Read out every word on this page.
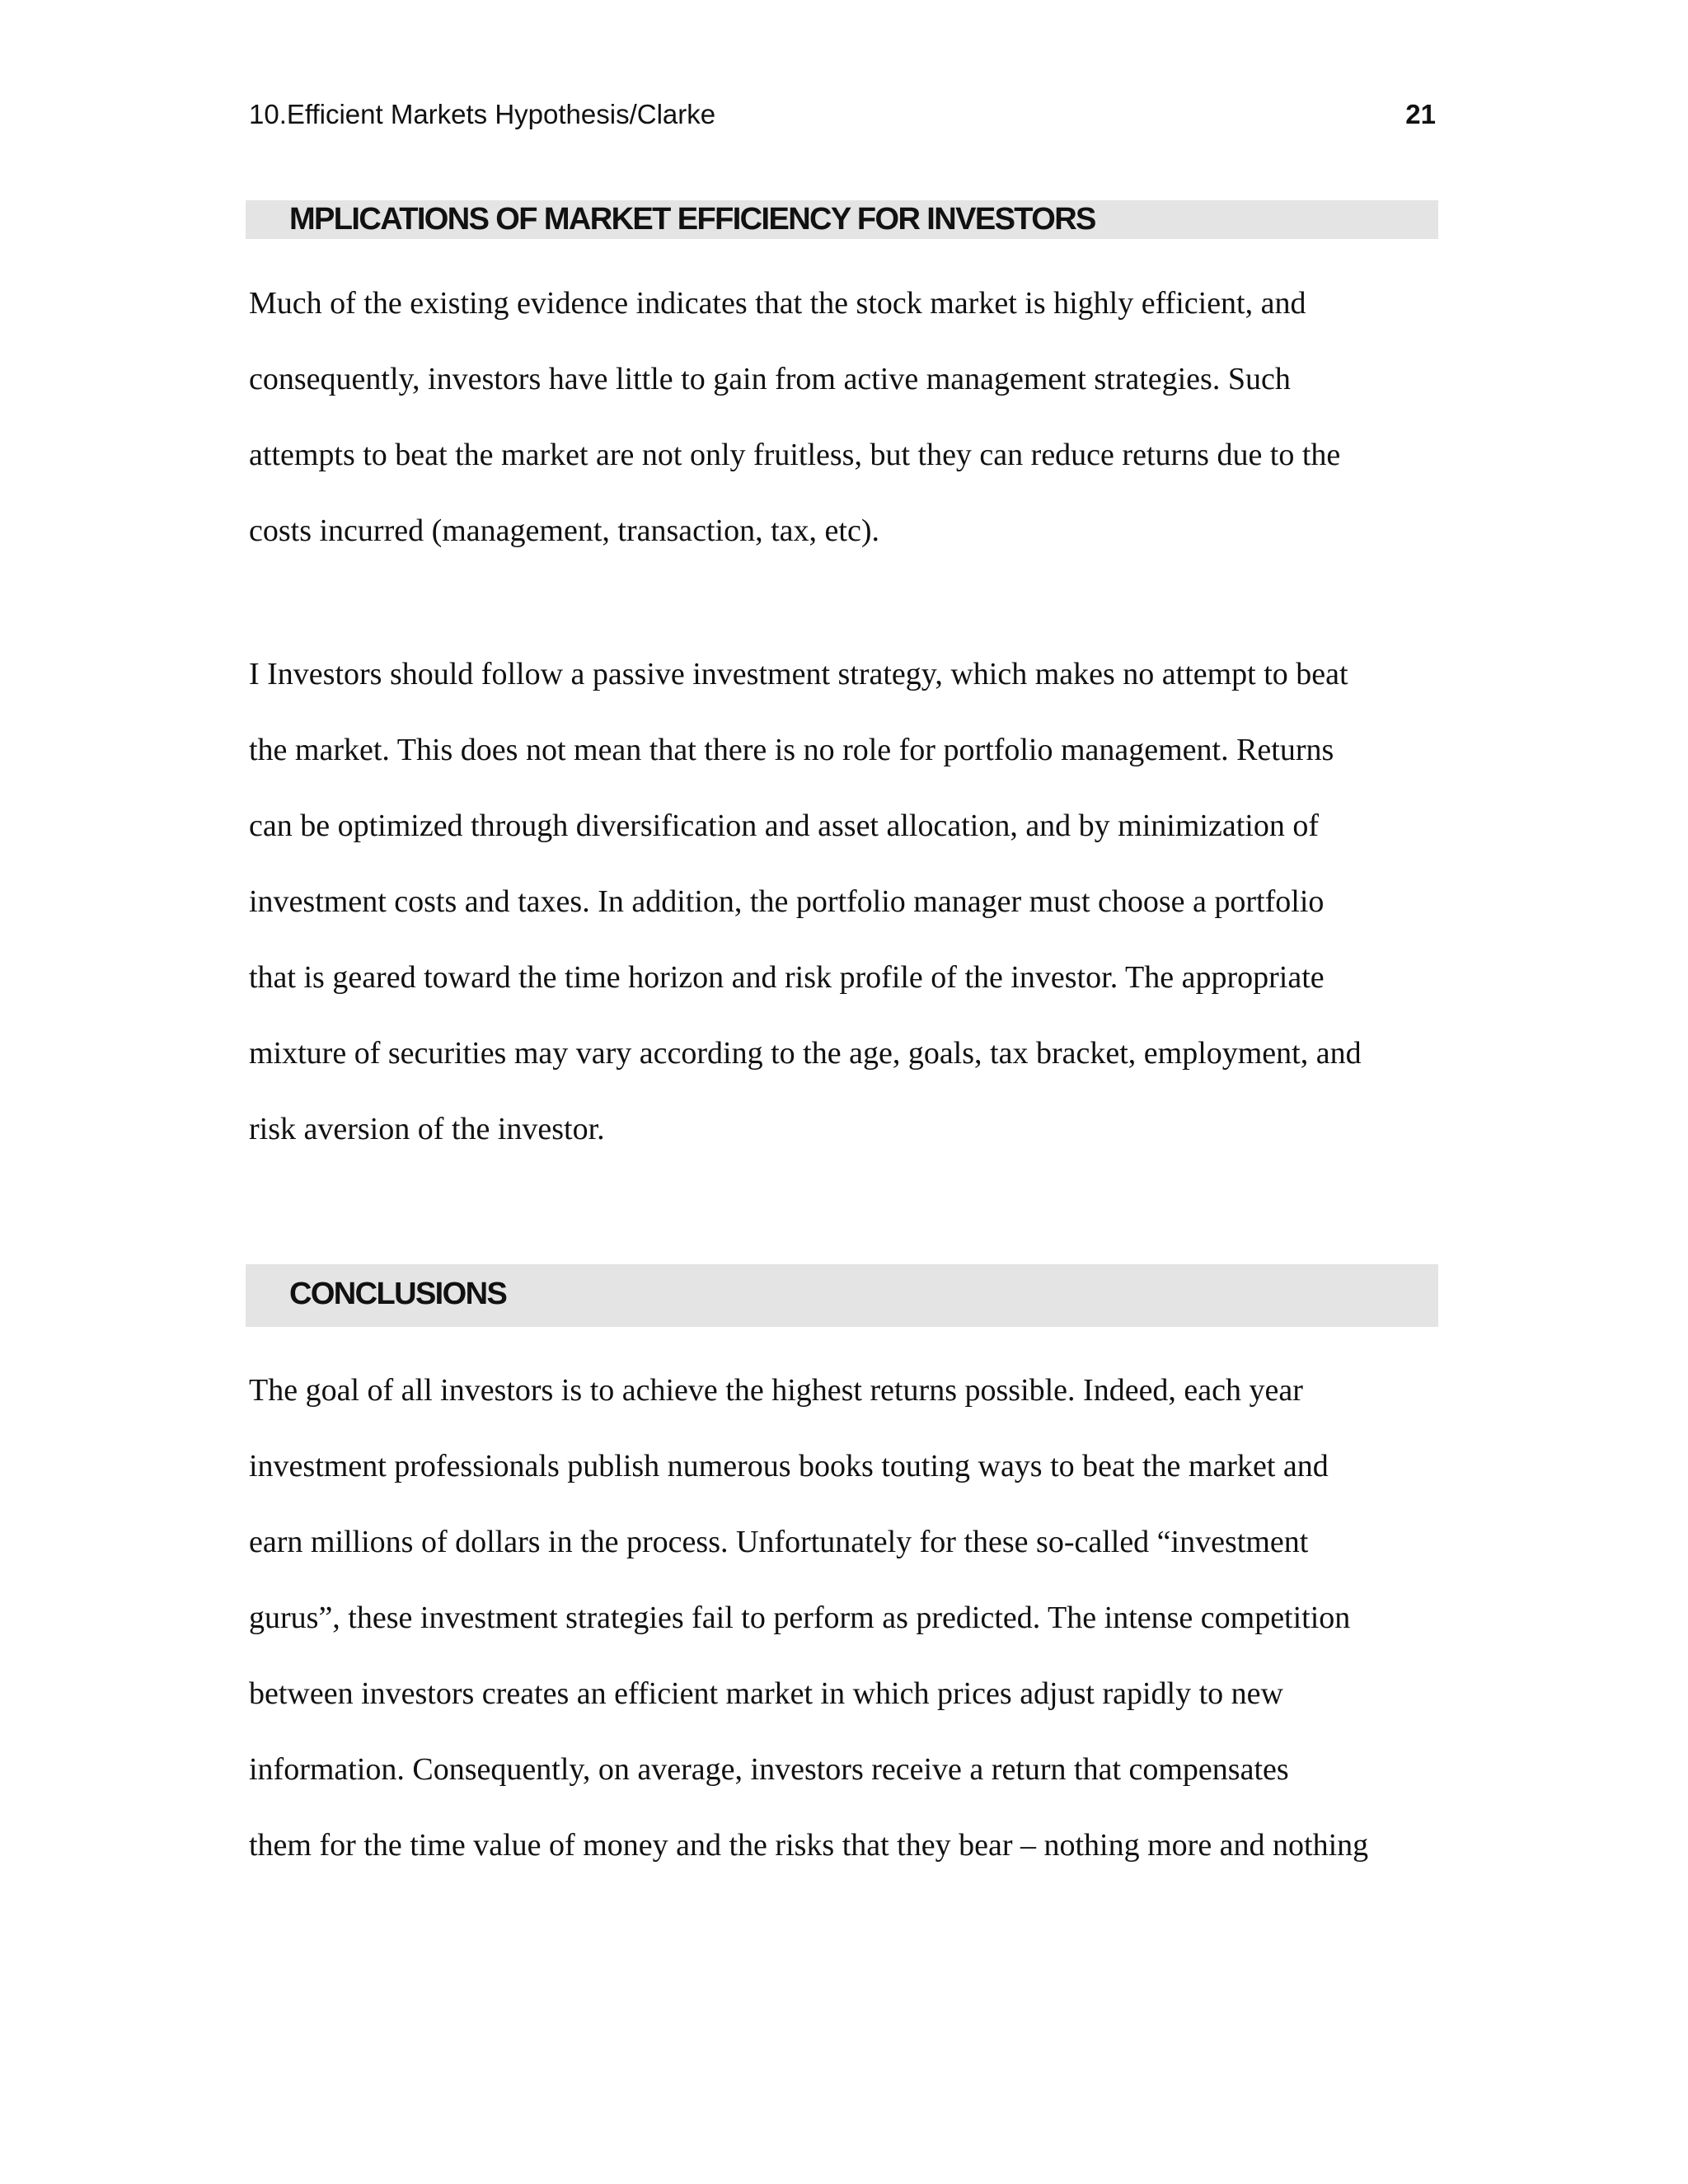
10.Efficient Markets Hypothesis/Clarke	21
MPLICATIONS OF MARKET EFFICIENCY FOR INVESTORS
Much of the existing evidence indicates that the stock market is highly efficient, and
consequently, investors have little to gain from active management strategies. Such
attempts to beat the market are not only fruitless, but they can reduce returns due to the
costs incurred (management, transaction, tax, etc).
I Investors should follow a passive investment strategy, which makes no attempt to beat
the market. This does not mean that there is no role for portfolio management. Returns
can be optimized through diversification and asset allocation, and by minimization of
investment costs and taxes. In addition, the portfolio manager must choose a portfolio
that is geared toward the time horizon and risk profile of the investor. The appropriate
mixture of securities may vary according to the age, goals, tax bracket, employment, and
risk aversion of the investor.
CONCLUSIONS
The goal of all investors is to achieve the highest returns possible. Indeed, each year
investment professionals publish numerous books touting ways to beat the market and
earn millions of dollars in the process. Unfortunately for these so-called “investment
gurus”, these investment strategies fail to perform as predicted. The intense competition
between investors creates an efficient market in which prices adjust rapidly to new
information. Consequently, on average, investors receive a return that compensates
them for the time value of money and the risks that they bear – nothing more and nothing
